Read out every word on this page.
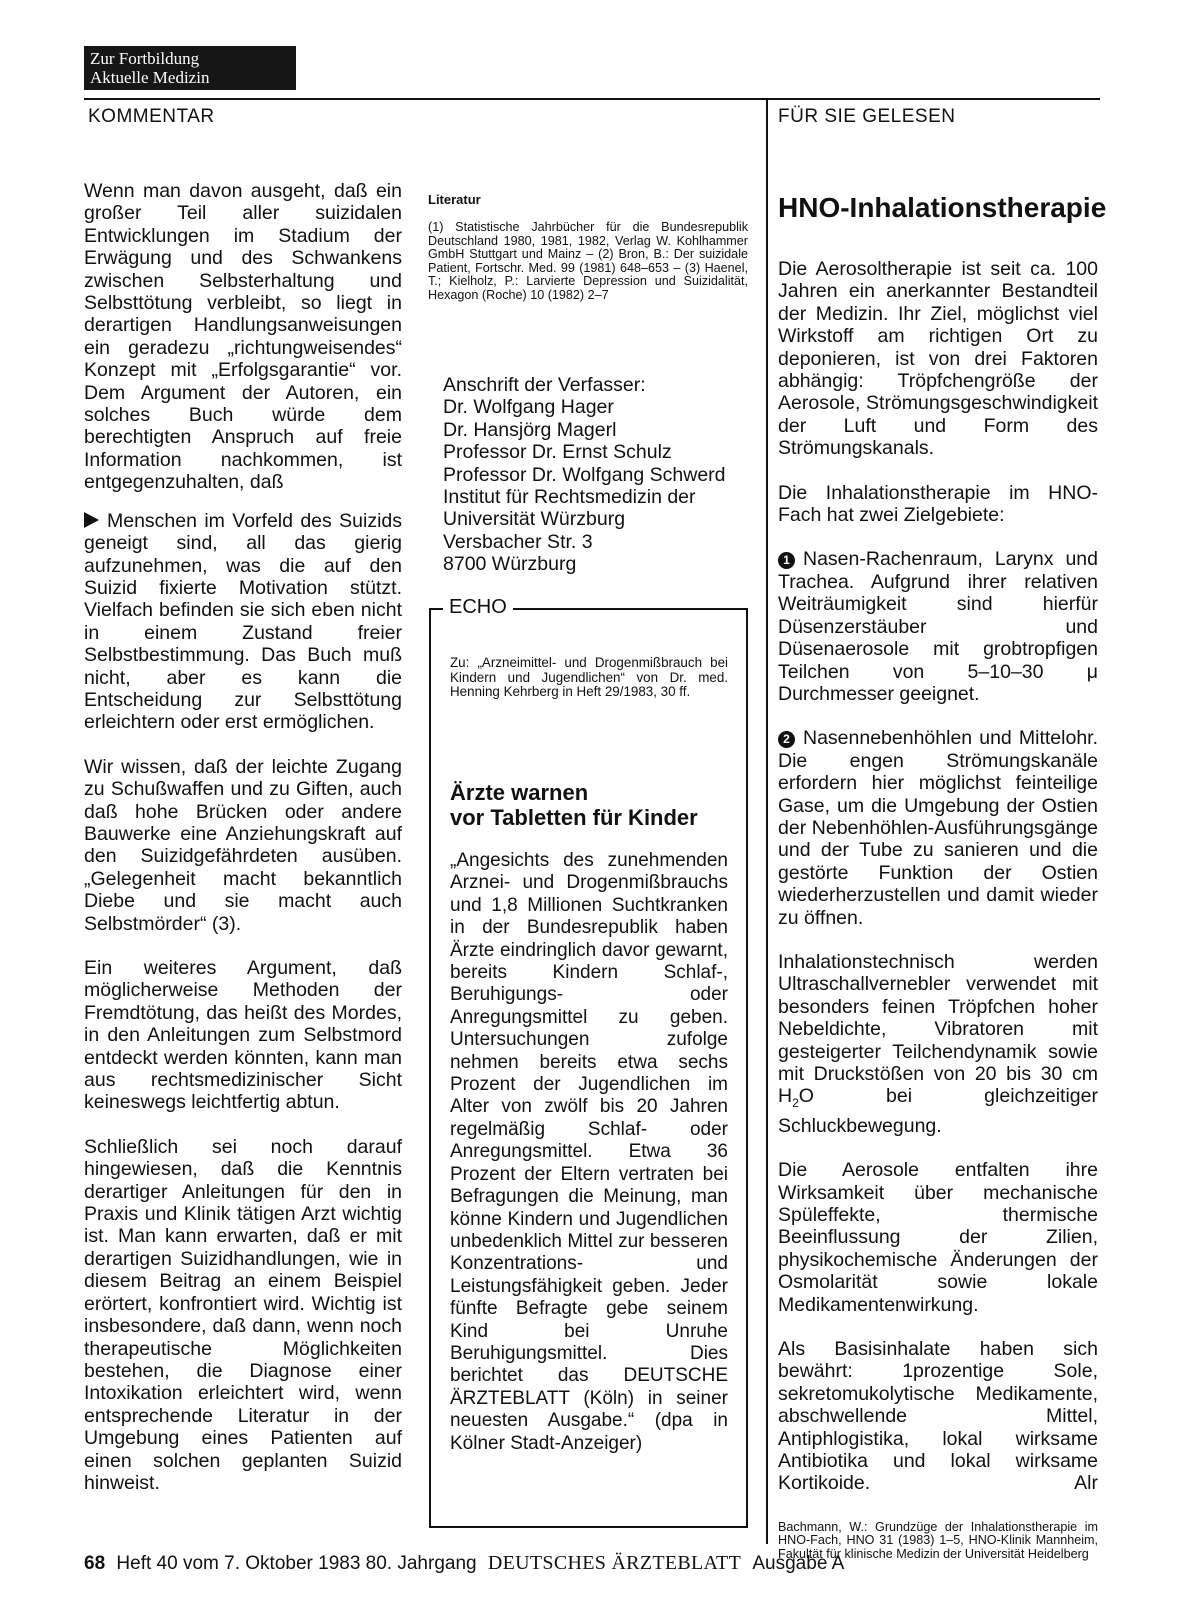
Zur Fortbildung
Aktuelle Medizin
KOMMENTAR	FÜR SIE GELESEN

Wenn man davon ausgeht, daß ein großer Teil aller suizidalen Entwicklungen im Stadium der Erwägung und des Schwankens zwischen Selbsterhaltung und Selbsttötung verbleibt, so liegt in derartigen Handlungsanweisungen ein geradezu „richtungweisendes“ Konzept mit „Erfolgsgarantie“ vor. Dem Argument der Autoren, ein solches Buch würde dem berechtigten Anspruch auf freie Information nachkommen, ist entgegenzuhalten, daß

Menschen im Vorfeld des Suizids geneigt sind, all das gierig aufzunehmen, was die auf den Suizid fixierte Motivation stützt. Vielfach befinden sie sich eben nicht in einem Zustand freier Selbstbestimmung. Das Buch muß nicht, aber es kann die Entscheidung zur Selbsttötung erleichtern oder erst ermöglichen.

Wir wissen, daß der leichte Zugang zu Schußwaffen und zu Giften, auch daß hohe Brücken oder andere Bauwerke eine Anziehungskraft auf den Suizidgefährdeten ausüben. „Gelegenheit macht bekanntlich Diebe und sie macht auch Selbstmörder“ (3).

Ein weiteres Argument, daß möglicherweise Methoden der Fremdtötung, das heißt des Mordes, in den Anleitungen zum Selbstmord entdeckt werden könnten, kann man aus rechtsmedizinischer Sicht keineswegs leichtfertig abtun.

Schließlich sei noch darauf hingewiesen, daß die Kenntnis derartiger Anleitungen für den in Praxis und Klinik tätigen Arzt wichtig ist. Man kann erwarten, daß er mit derartigen Suizidhandlungen, wie in diesem Beitrag an einem Beispiel erörtert, konfrontiert wird. Wichtig ist insbesondere, daß dann, wenn noch therapeutische Möglichkeiten bestehen, die Diagnose einer Intoxikation erleichtert wird, wenn entsprechende Literatur in der Umgebung eines Patienten auf einen solchen geplanten Suizid hinweist.

Literatur
(1) Statistische Jahrbücher für die Bundesrepublik Deutschland 1980, 1981, 1982, Verlag W. Kohlhammer GmbH Stuttgart und Mainz – (2) Bron, B.: Der suizidale Patient, Fortschr. Med. 99 (1981) 648–653 – (3) Haenel, T.; Kielholz, P.: Larvierte Depression und Suizidalität, Hexagon (Roche) 10 (1982) 2–7
Anschrift der Verfasser:
Dr. Wolfgang Hager
Dr. Hansjörg Magerl
Professor Dr. Ernst Schulz
Professor Dr. Wolfgang Schwerd
Institut für Rechtsmedizin der
Universität Würzburg
Versbacher Str. 3
8700 Würzburg
ECHO
Zu: „Arzneimittel- und Drogenmißbrauch bei Kindern und Jugendlichen“ von Dr. med. Henning Kehrberg in Heft 29/1983, 30 ff.
Ärzte warnen
vor Tabletten für Kinder
„Angesichts des zunehmenden Arznei- und Drogenmißbrauchs und 1,8 Millionen Suchtkranken in der Bundesrepublik haben Ärzte eindringlich davor gewarnt, bereits Kindern Schlaf-, Beruhigungs- oder Anregungsmittel zu geben. Untersuchungen zufolge nehmen bereits etwa sechs Prozent der Jugendlichen im Alter von zwölf bis 20 Jahren regelmäßig Schlaf- oder Anregungsmittel. Etwa 36 Prozent der Eltern vertraten bei Befragungen die Meinung, man könne Kindern und Jugendlichen unbedenklich Mittel zur besseren Konzentrations- und Leistungsfähigkeit geben. Jeder fünfte Befragte gebe seinem Kind bei Unruhe Beruhigungsmittel. Dies berichtet das DEUTSCHE ÄRZTEBLATT (Köln) in seiner neuesten Ausgabe.“ (dpa in Kölner Stadt-Anzeiger)
HNO-Inhalationstherapie

Die Aerosoltherapie ist seit ca. 100 Jahren ein anerkannter Bestandteil der Medizin. Ihr Ziel, möglichst viel Wirkstoff am richtigen Ort zu deponieren, ist von drei Faktoren abhängig: Tröpfchengröße der Aerosole, Strömungsgeschwindigkeit der Luft und Form des Strömungskanals.

Die Inhalationstherapie im HNO-Fach hat zwei Zielgebiete:

1 Nasen-Rachenraum, Larynx und Trachea. Aufgrund ihrer relativen Weiträumigkeit sind hierfür Düsenzerstäuber und Düsenaerosole mit grobtropfigen Teilchen von 5–10–30 μ Durchmesser geeignet.

2 Nasennebenhöhlen und Mittelohr. Die engen Strömungskanäle erfordern hier möglichst feinteilige Gase, um die Umgebung der Ostien der Nebenhöhlen-Ausführungsgänge und der Tube zu sanieren und die gestörte Funktion der Ostien wiederherzustellen und damit wieder zu öffnen.

Inhalationstechnisch werden Ultraschallvernebler verwendet mit besonders feinen Tröpfchen hoher Nebeldichte, Vibratoren mit gesteigerter Teilchendynamik sowie mit Druckstößen von 20 bis 30 cm $H_2O$ bei gleichzeitiger Schluckbewegung.

Die Aerosole entfalten ihre Wirksamkeit über mechanische Spüleffekte, thermische Beeinflussung der Zilien, physikochemische Änderungen der Osmolarität sowie lokale Medikamentenwirkung.

Als Basisinhalate haben sich bewährt: 1prozentige Sole, sekretomukolytische Medikamente, abschwellende Mittel, Antiphlogistika, lokal wirksame Antibiotika und lokal wirksame Kortikoide.	Alr

Bachmann, W.: Grundzüge der Inhalationstherapie im HNO-Fach, HNO 31 (1983) 1–5, HNO-Klinik Mannheim, Fakultät für klinische Medizin der Universität Heidelberg
68 Heft 40 vom 7. Oktober 1983 80. Jahrgang DEUTSCHES ÄRZTEBLATT Ausgabe A
